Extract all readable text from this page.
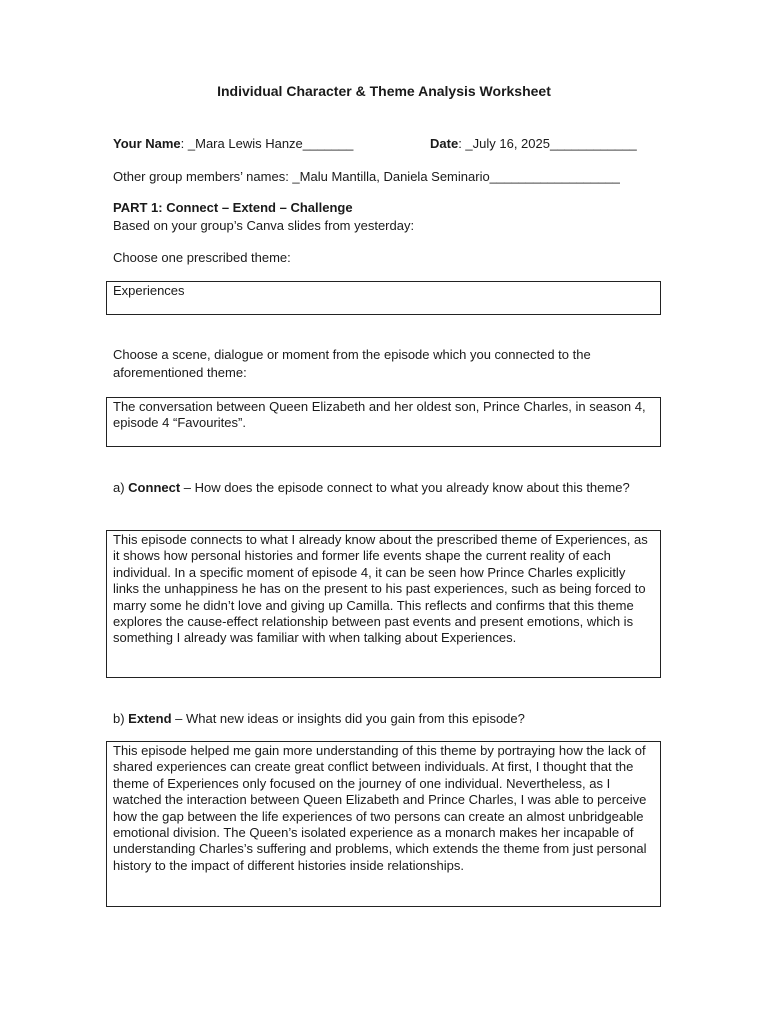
Individual Character & Theme Analysis Worksheet
Your Name: _Mara Lewis Hanze_______	Date: _July 16, 2025____________
Other group members’ names: _Malu Mantilla, Daniela Seminario__________________
PART 1: Connect – Extend – Challenge
Based on your group’s Canva slides from yesterday:
Choose one prescribed theme:
Experiences
Choose a scene, dialogue or moment from the episode which you connected to the aforementioned theme:
The conversation between Queen Elizabeth and her oldest son, Prince Charles, in season 4, episode 4 “Favourites”.
a) Connect – How does the episode connect to what you already know about this theme?
This episode connects to what I already know about the prescribed theme of Experiences, as it shows how personal histories and former life events shape the current reality of each individual. In a specific moment of episode 4, it can be seen how Prince Charles explicitly links the unhappiness he has on the present to his past experiences, such as being forced to marry some he didn’t love and giving up Camilla. This reflects and confirms that this theme explores the cause-effect relationship between past events and present emotions, which is something I already was familiar with when talking about Experiences.
b) Extend – What new ideas or insights did you gain from this episode?
This episode helped me gain more understanding of this theme by portraying how the lack of shared experiences can create great conflict between individuals. At first, I thought that the theme of Experiences only focused on the journey of one individual. Nevertheless, as I watched the interaction between Queen Elizabeth and Prince Charles, I was able to perceive how the gap between the life experiences of two persons can create an almost unbridgeable emotional division. The Queen’s isolated experience as a monarch makes her incapable of understanding Charles’s suffering and problems, which extends the theme from just personal history to the impact of different histories inside relationships.
